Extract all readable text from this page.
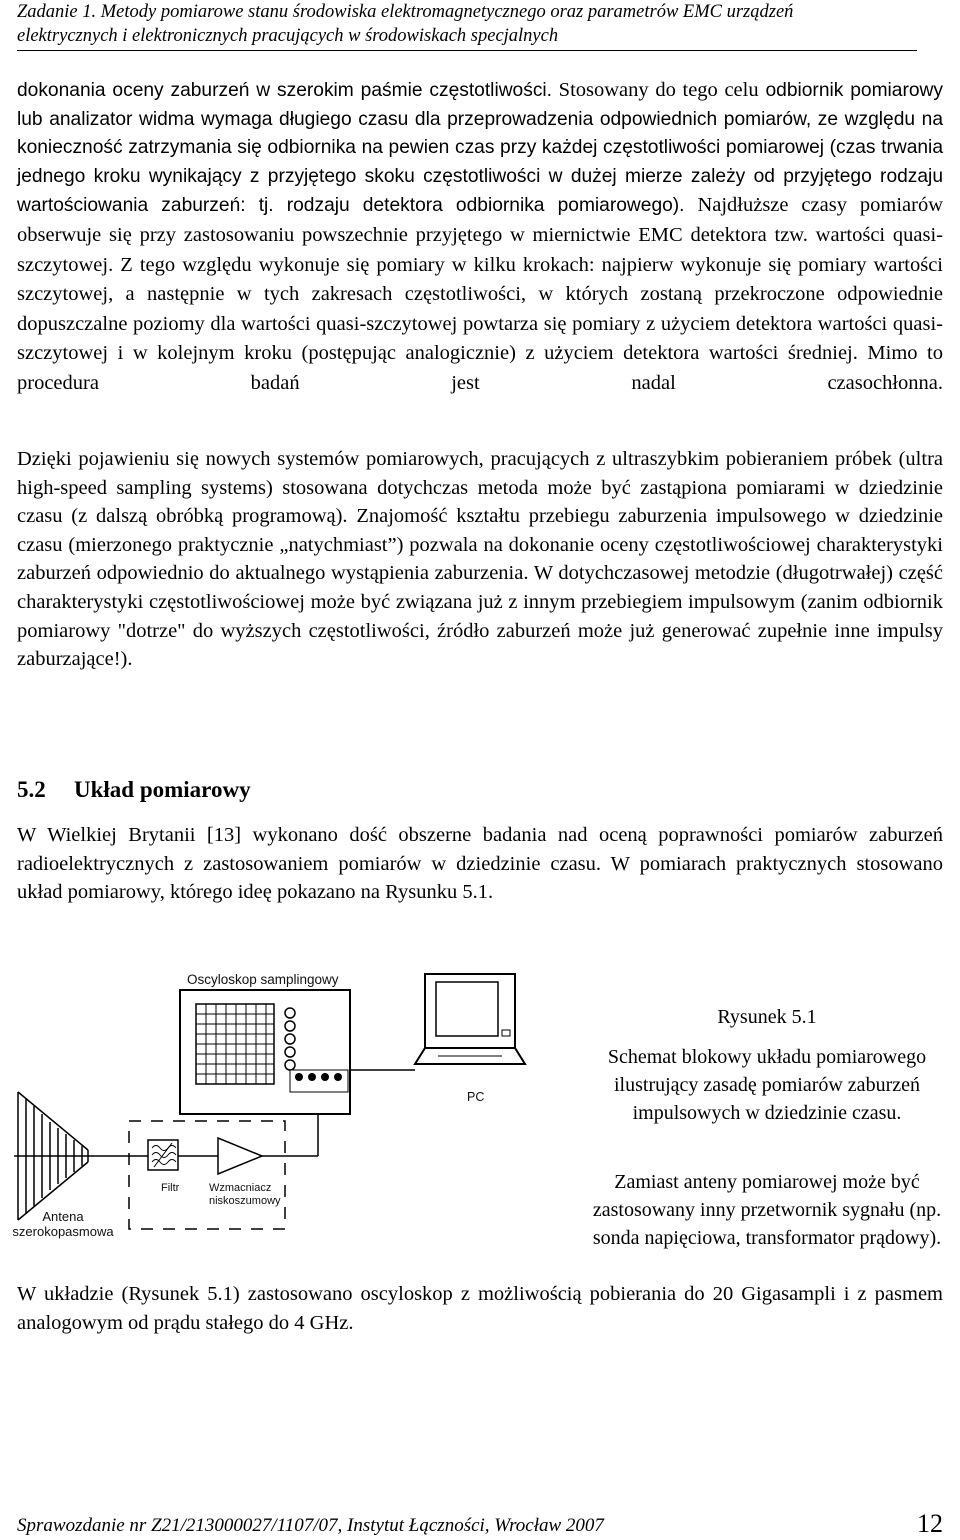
Zadanie 1. Metody pomiarowe stanu środowiska elektromagnetycznego oraz parametrów EMC urządzeń
elektrycznych i elektronicznych pracujących w środowiskach specjalnych
dokonania oceny zaburzeń w szerokim paśmie częstotliwości. Stosowany do tego celu odbiornik pomiarowy lub analizator widma wymaga długiego czasu dla przeprowadzenia odpowiednich pomiarów, ze względu na konieczność zatrzymania się odbiornika na pewien czas przy każdej częstotliwości pomiarowej (czas trwania jednego kroku wynikający z przyjętego skoku częstotliwości w dużej mierze zależy od przyjętego rodzaju wartościowania zaburzeń: tj. rodzaju detektora odbiornika pomiarowego). Najdłuższe czasy pomiarów obserwuje się przy zastosowaniu powszechnie przyjętego w miernictwie EMC detektora tzw. wartości quasi-szczytowej. Z tego względu wykonuje się pomiary w kilku krokach: najpierw wykonuje się pomiary wartości szczytowej, a następnie w tych zakresach częstotliwości, w których zostaną przekroczone odpowiednie dopuszczalne poziomy dla wartości quasi-szczytowej powtarza się pomiary z użyciem detektora wartości quasi-szczytowej i w kolejnym kroku (postępując analogicznie) z użyciem detektora wartości średniej. Mimo to procedura badań jest nadal czasochłonna.
Dzięki pojawieniu się nowych systemów pomiarowych, pracujących z ultraszybkim pobieraniem próbek (ultra high-speed sampling systems) stosowana dotychczas metoda może być zastąpiona pomiarami w dziedzinie czasu (z dalszą obróbką programową). Znajomość kształtu przebiegu zaburzenia impulsowego w dziedzinie czasu (mierzonego praktycznie „natychmiast”) pozwala na dokonanie oceny częstotliwościowej charakterystyki zaburzeń odpowiednio do aktualnego wystąpienia zaburzenia. W dotychczasowej metodzie (długotrwałej) część charakterystyki częstotliwościowej może być związana już z innym przebiegiem impulsowym (zanim odbiornik pomiarowy "dotrze" do wyższych częstotliwości, źródło zaburzeń może już generować zupełnie inne impulsy zaburzające!).
5.2 Układ pomiarowy
W Wielkiej Brytanii [13] wykonano dość obszerne badania nad oceną poprawności pomiarów zaburzeń radioelektrycznych z zastosowaniem pomiarów w dziedzinie czasu. W pomiarach praktycznych stosowano układ pomiarowy, którego ideę pokazano na Rysunku 5.1.
Oscyloskop samplingowy
PC
Filtr	Wzmacniacz
niskoszumowy
Antena
szerokopasmowa
Rysunek 5.1
Schemat blokowy układu pomiarowego ilustrujący zasadę pomiarów zaburzeń impulsowych w dziedzinie czasu.
Zamiast anteny pomiarowej może być zastosowany inny przetwornik sygnału (np. sonda napięciowa, transformator prądowy).
W układzie (Rysunek 5.1) zastosowano oscyloskop z możliwością pobierania do 20 Gigasampli i z pasmem analogowym od prądu stałego do 4 GHz.
Sprawozdanie nr Z21/213000027/1107/07, Instytut Łączności, Wrocław 2007	12
